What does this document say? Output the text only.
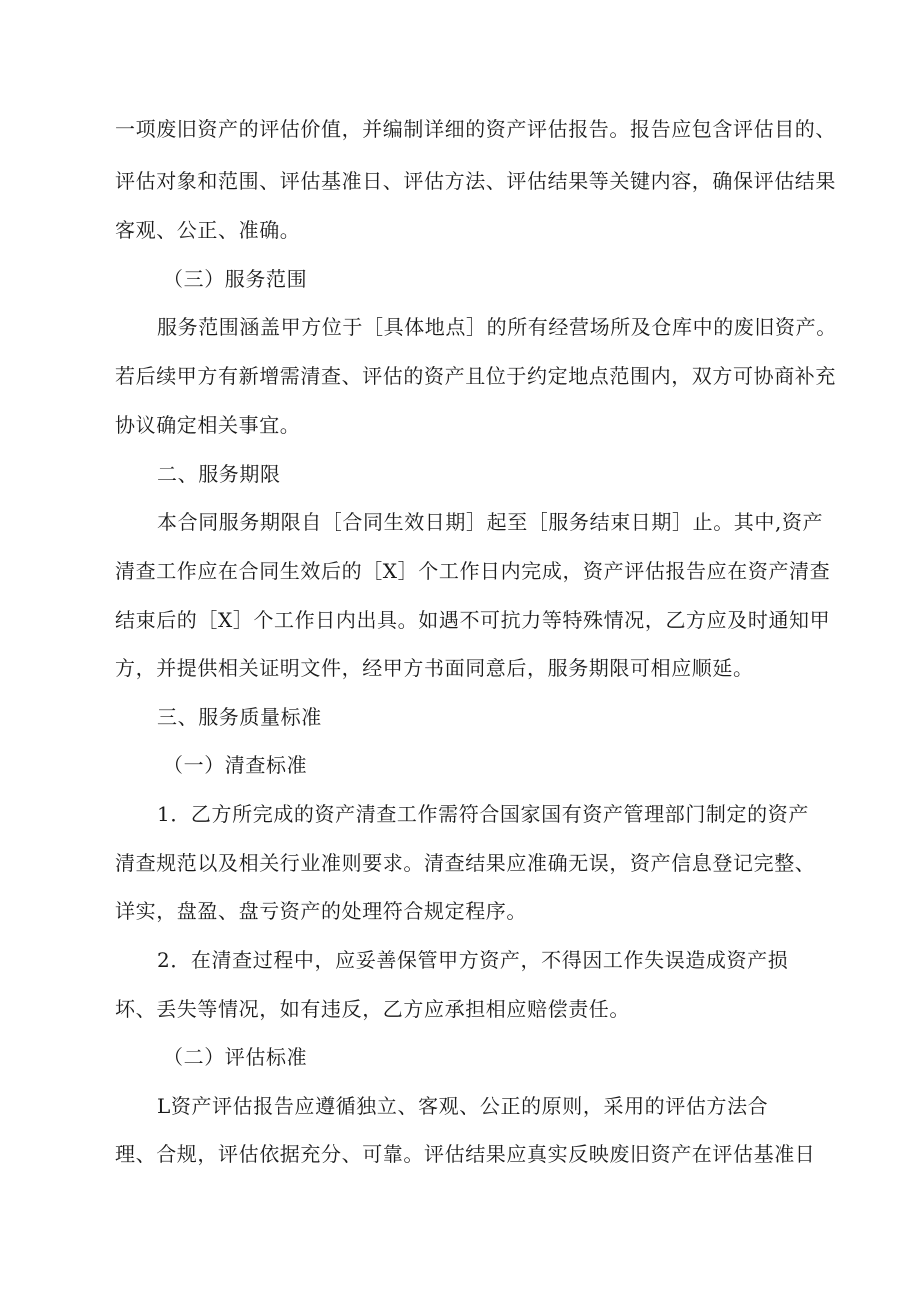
一项废旧资产的评估价值，并编制详细的资产评估报告。报告应包含评估目的、
评估对象和范围、评估基准日、评估方法、评估结果等关键内容，确保评估结果
客观、公正、准确。
（三）服务范围
服务范围涵盖甲方位于［具体地点］的所有经营场所及仓库中的废旧资产。
若后续甲方有新增需清查、评估的资产且位于约定地点范围内，双方可协商补充
协议确定相关事宜。
二、服务期限
本合同服务期限自［合同生效日期］起至［服务结束日期］止。其中,资产
清查工作应在合同生效后的［X］个工作日内完成，资产评估报告应在资产清查
结束后的［X］个工作日内出具。如遇不可抗力等特殊情况，乙方应及时通知甲
方，并提供相关证明文件，经甲方书面同意后，服务期限可相应顺延。
三、服务质量标准
（一）清查标准
1．乙方所完成的资产清查工作需符合国家国有资产管理部门制定的资产
清查规范以及相关行业准则要求。清查结果应准确无误，资产信息登记完整、
详实，盘盈、盘亏资产的处理符合规定程序。
2．在清查过程中，应妥善保管甲方资产，不得因工作失误造成资产损
坏、丢失等情况，如有违反，乙方应承担相应赔偿责任。
（二）评估标准
L资产评估报告应遵循独立、客观、公正的原则，采用的评估方法合
理、合规，评估依据充分、可靠。评估结果应真实反映废旧资产在评估基准日
